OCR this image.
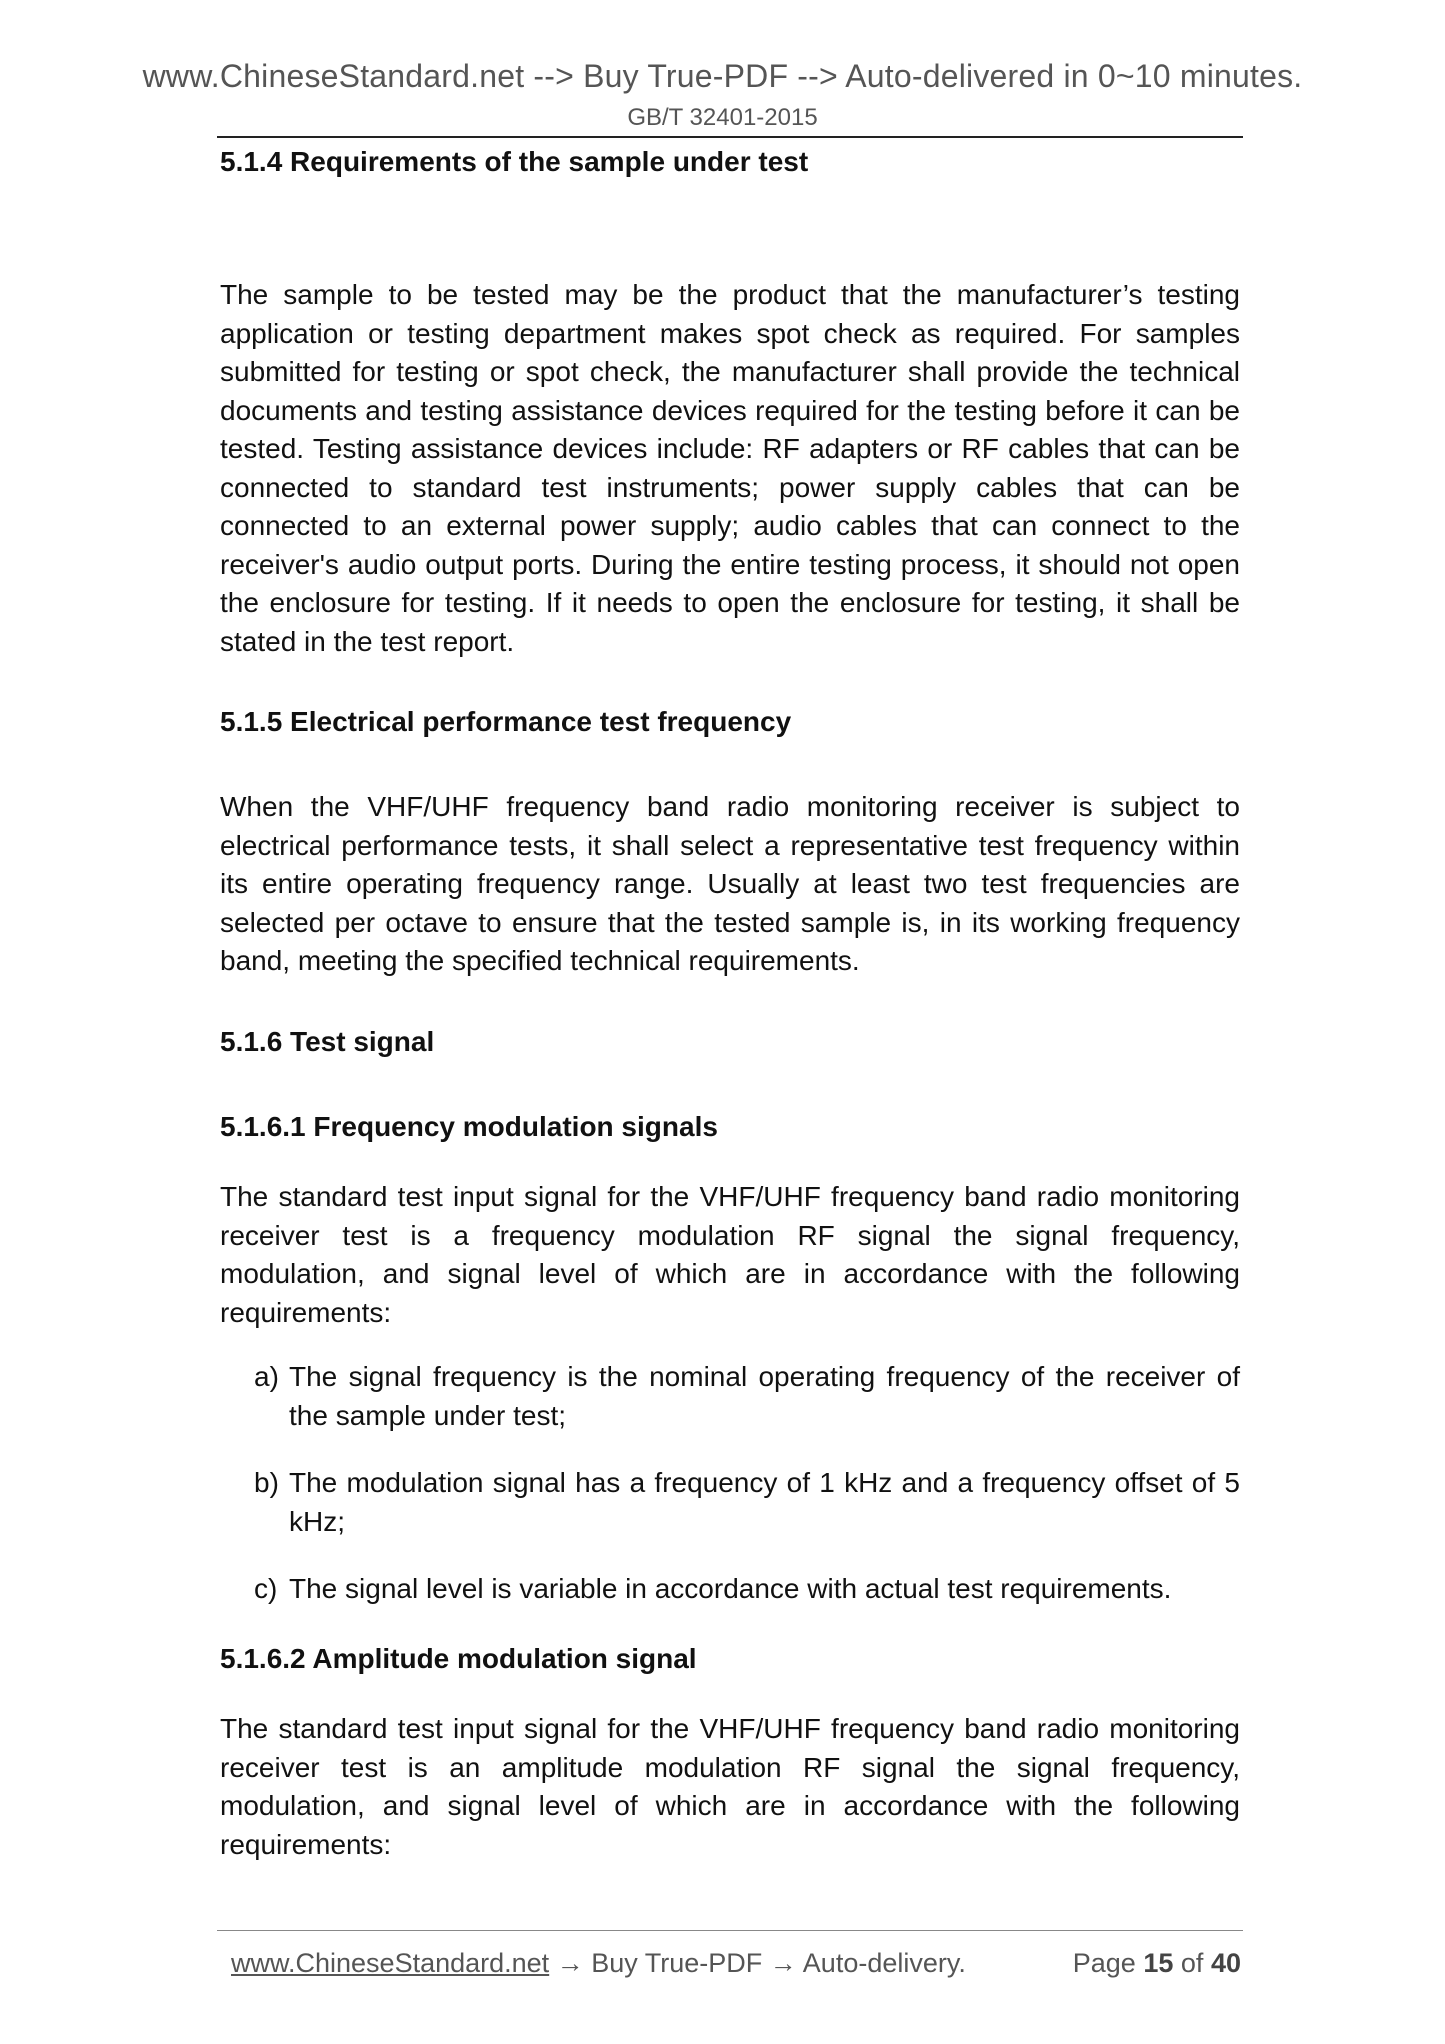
www.ChineseStandard.net --> Buy True-PDF --> Auto-delivered in 0~10 minutes.
GB/T 32401-2015
5.1.4 Requirements of the sample under test
The sample to be tested may be the product that the manufacturer’s testing application or testing department makes spot check as required. For samples submitted for testing or spot check, the manufacturer shall provide the technical documents and testing assistance devices required for the testing before it can be tested. Testing assistance devices include: RF adapters or RF cables that can be connected to standard test instruments; power supply cables that can be connected to an external power supply; audio cables that can connect to the receiver's audio output ports. During the entire testing process, it should not open the enclosure for testing. If it needs to open the enclosure for testing, it shall be stated in the test report.
5.1.5 Electrical performance test frequency
When the VHF/UHF frequency band radio monitoring receiver is subject to electrical performance tests, it shall select a representative test frequency within its entire operating frequency range. Usually at least two test frequencies are selected per octave to ensure that the tested sample is, in its working frequency band, meeting the specified technical requirements.
5.1.6 Test signal
5.1.6.1 Frequency modulation signals
The standard test input signal for the VHF/UHF frequency band radio monitoring receiver test is a frequency modulation RF signal the signal frequency, modulation, and signal level of which are in accordance with the following requirements:
a) The signal frequency is the nominal operating frequency of the receiver of the sample under test;
b) The modulation signal has a frequency of 1 kHz and a frequency offset of 5 kHz;
c) The signal level is variable in accordance with actual test requirements.
5.1.6.2 Amplitude modulation signal
The standard test input signal for the VHF/UHF frequency band radio monitoring receiver test is an amplitude modulation RF signal the signal frequency, modulation, and signal level of which are in accordance with the following requirements:
www.ChineseStandard.net → Buy True-PDF → Auto-delivery.	Page 15 of 40
